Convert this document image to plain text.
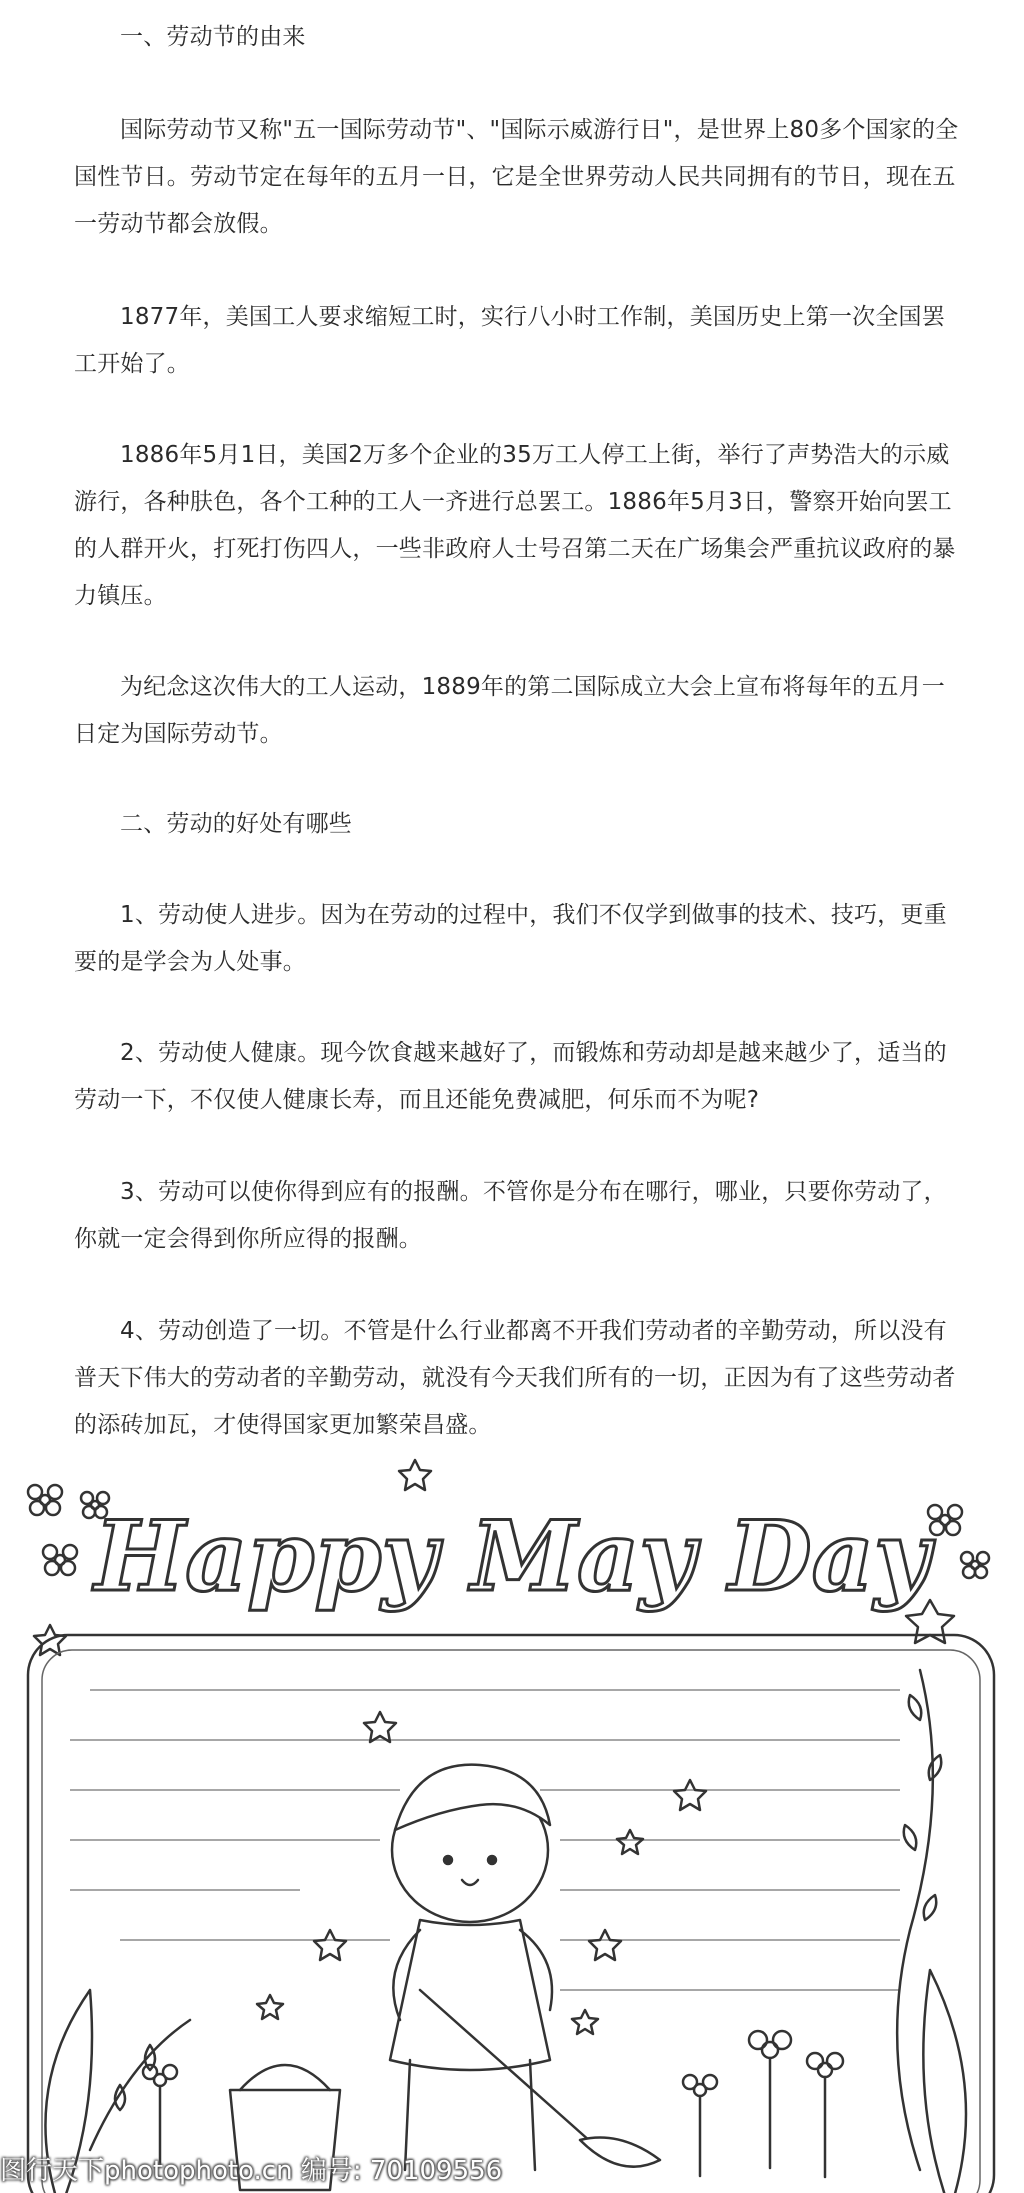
一、劳动节的由来

国际劳动节又称"五一国际劳动节"、"国际示威游行日"，是世界上80多个国家的全国性节日。劳动节定在每年的五月一日，它是全世界劳动人民共同拥有的节日，现在五一劳动节都会放假。

1877年，美国工人要求缩短工时，实行八小时工作制，美国历史上第一次全国罢工开始了。

1886年5月1日，美国2万多个企业的35万工人停工上街，举行了声势浩大的示威游行，各种肤色，各个工种的工人一齐进行总罢工。1886年5月3日，警察开始向罢工的人群开火，打死打伤四人，一些非政府人士号召第二天在广场集会严重抗议政府的暴力镇压。

为纪念这次伟大的工人运动，1889年的第二国际成立大会上宣布将每年的五月一日定为国际劳动节。

二、劳动的好处有哪些

1、劳动使人进步。因为在劳动的过程中，我们不仅学到做事的技术、技巧，更重要的是学会为人处事。

2、劳动使人健康。现今饮食越来越好了，而锻炼和劳动却是越来越少了，适当的劳动一下，不仅使人健康长寿，而且还能免费减肥，何乐而不为呢?

3、劳动可以使你得到应有的报酬。不管你是分布在哪行，哪业，只要你劳动了，你就一定会得到你所应得的报酬。

4、劳动创造了一切。不管是什么行业都离不开我们劳动者的辛勤劳动，所以没有普天下伟大的劳动者的辛勤劳动，就没有今天我们所有的一切，正因为有了这些劳动者的添砖加瓦，才使得国家更加繁荣昌盛。

Happy May Day
图行天下photophoto.cn 编号: 70109556
